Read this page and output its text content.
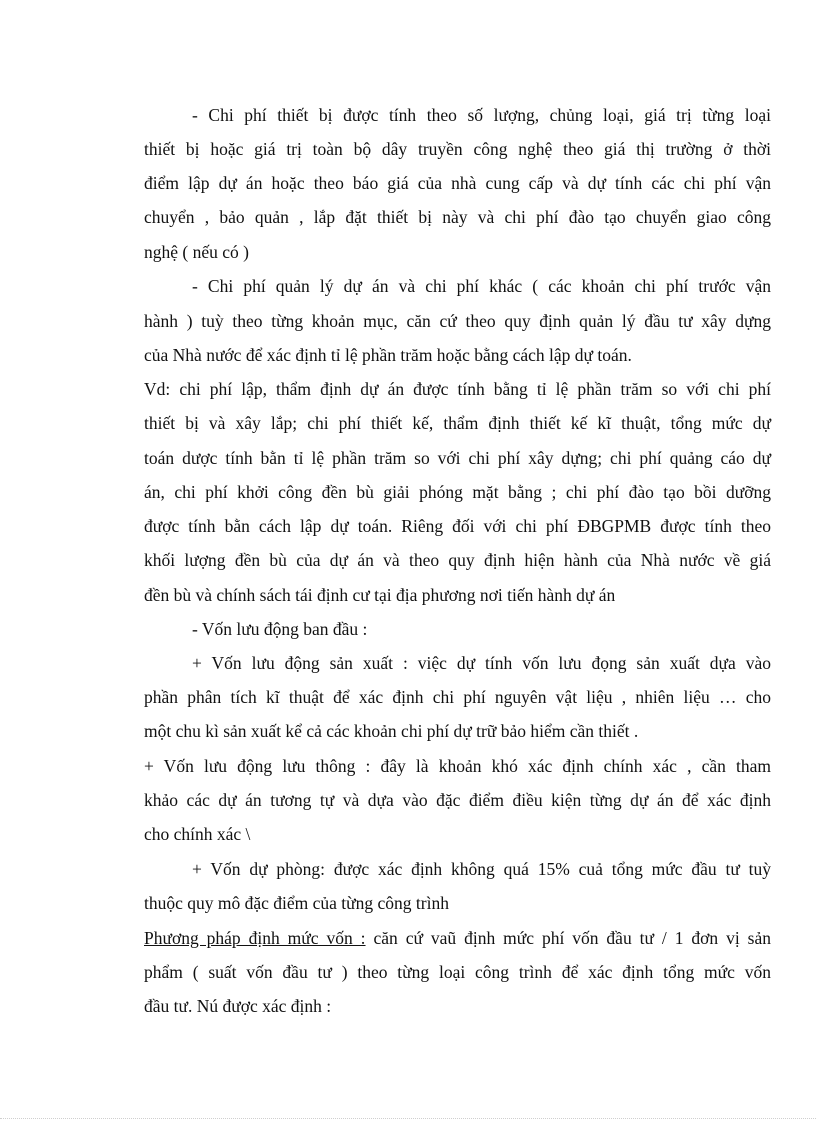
- Chi phí thiết bị được tính theo số lượng, chủng loại, giá trị từng loại
thiết bị hoặc giá trị toàn bộ dây truyền công nghệ theo giá thị trường ở thời
điểm lập dự án hoặc theo báo giá của nhà cung cấp và dự tính các chi phí vận
chuyển , bảo quản , lắp đặt thiết bị này và chi phí đào tạo chuyển giao công
nghệ ( nếu có )
- Chi phí quản lý dự án và chi phí khác ( các khoản chi phí trước vận
hành ) tuỳ theo từng khoản mục, căn cứ theo quy định quản lý đầu tư xây dựng
của Nhà nước để xác định tỉ lệ phần trăm hoặc bằng cách lập dự toán.
Vd: chi phí lập, thẩm định dự án được tính bằng tỉ lệ phần trăm so với chi phí
thiết bị và xây lắp; chi phí thiết kế, thẩm định thiết kế kĩ thuật, tổng mức dự
toán dược tính bằn tỉ lệ phần trăm so với chi phí xây dựng; chi phí quảng cáo dự
án, chi phí khởi công đền bù giải phóng mặt bằng ; chi phí đào tạo bồi dưỡng
được tính bằn cách lập dự toán. Riêng đối với chi phí ĐBGPMB được tính theo
khối lượng đền bù của dự án và theo quy định hiện hành của Nhà nước về giá
đền bù và chính sách tái định cư tại địa phương nơi tiến hành dự án
- Vốn lưu động ban đầu :
+ Vốn lưu động sản xuất : việc dự tính vốn lưu đọng sản xuất dựa vào
phần phân tích kĩ thuật để xác định chi phí nguyên vật liệu , nhiên liệu … cho
một chu kì sản xuất kể cả các khoản chi phí dự trữ bảo hiểm cần thiết .
+ Vốn lưu động lưu thông : đây là khoản khó xác định chính xác , cần tham
khảo các dự án tương tự và dựa vào đặc điểm điều kiện từng dự án để xác định
cho chính xác \
+ Vốn dự phòng: được xác định không quá 15% cuả tổng mức đầu tư tuỳ
thuộc quy mô đặc điểm của từng công trình
Phương pháp định mức vốn : căn cứ vaũ định mức phí vốn đầu tư / 1 đơn vị sản
phẩm ( suất vốn đầu tư ) theo từng loại công trình để xác định tổng mức vốn
đầu tư. Nú được xác định :
